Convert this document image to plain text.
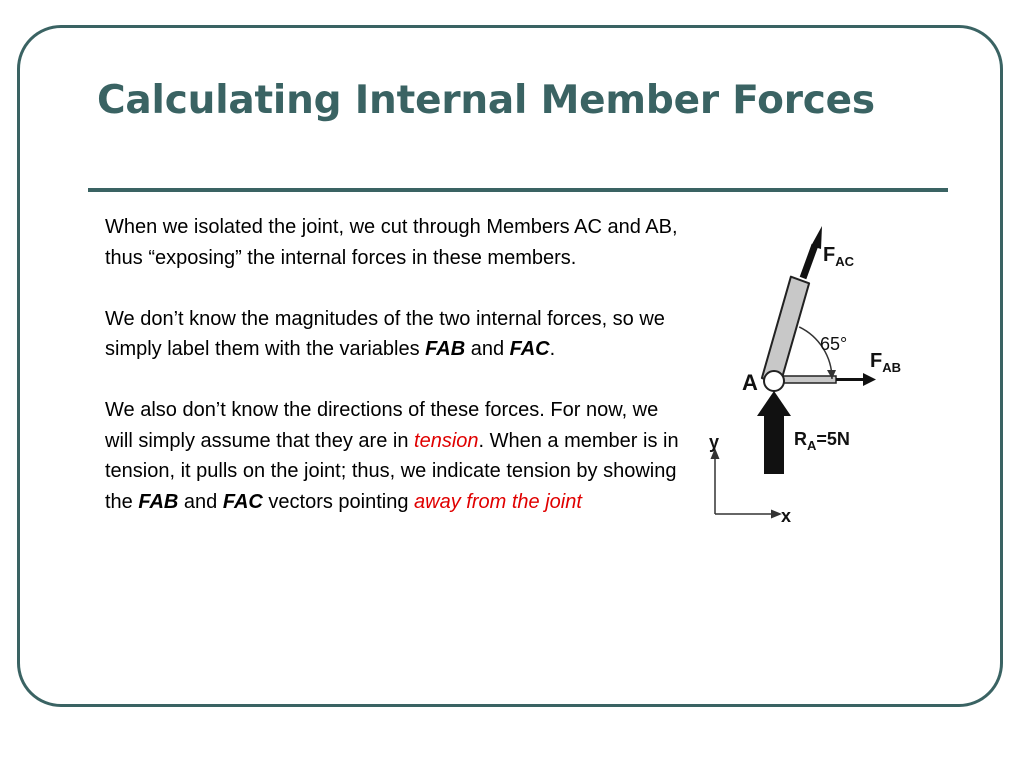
Calculating Internal Member Forces

When we isolated the joint, we cut through Members AC and AB, thus “exposing” the internal forces in these members.

We don’t know the magnitudes of the two internal forces, so we simply label them with the variables FAB and FAC.

We also don’t know the directions of these forces. For now, we will simply assume that they are in tension. When a member is in tension, it pulls on the joint; thus, we indicate tension by showing the FAB and FAC vectors pointing away from the joint

$F_{AC}$
65°
$F_{AB}$
A
$R_A=5N$
y
x
